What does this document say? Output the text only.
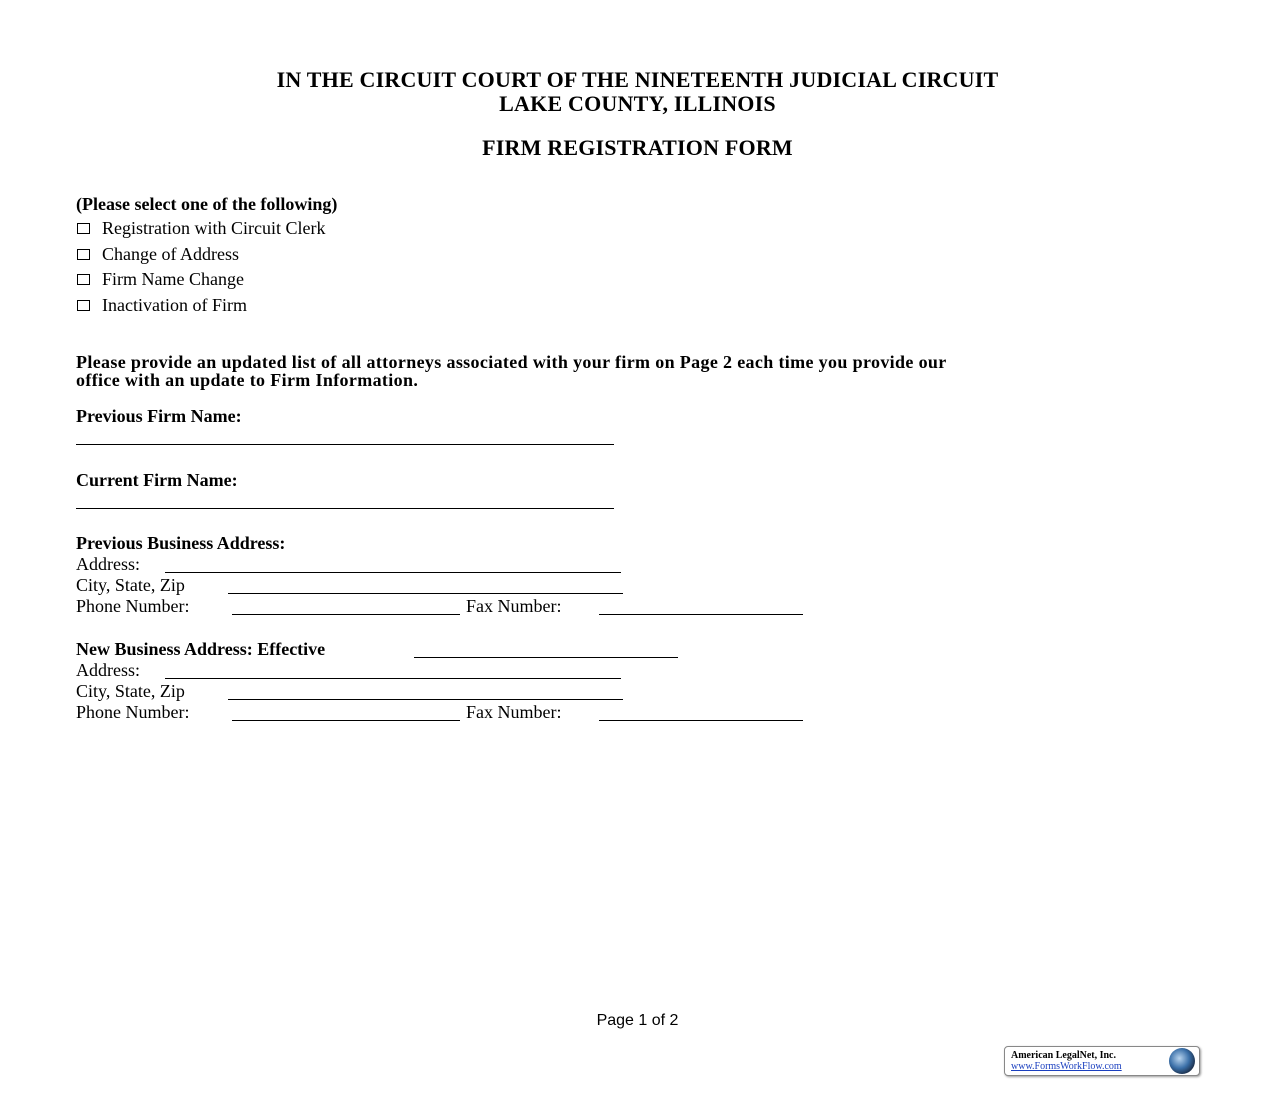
IN THE CIRCUIT COURT OF THE NINETEENTH JUDICIAL CIRCUIT
LAKE COUNTY, ILLINOIS
FIRM REGISTRATION FORM
(Please select one of the following)
Registration with Circuit Clerk
Change of Address
Firm Name Change
Inactivation of Firm
Please provide an updated list of all attorneys associated with your firm on Page 2 each time you provide our
office with an update to Firm Information.
Previous Firm Name:
Current Firm Name:
Previous Business Address:
Address:
City, State, Zip
Phone Number:	Fax Number:
New Business Address: Effective
Address:
City, State, Zip
Phone Number:	Fax Number:
Page 1 of 2
American LegalNet, Inc.
www.FormsWorkFlow.com
